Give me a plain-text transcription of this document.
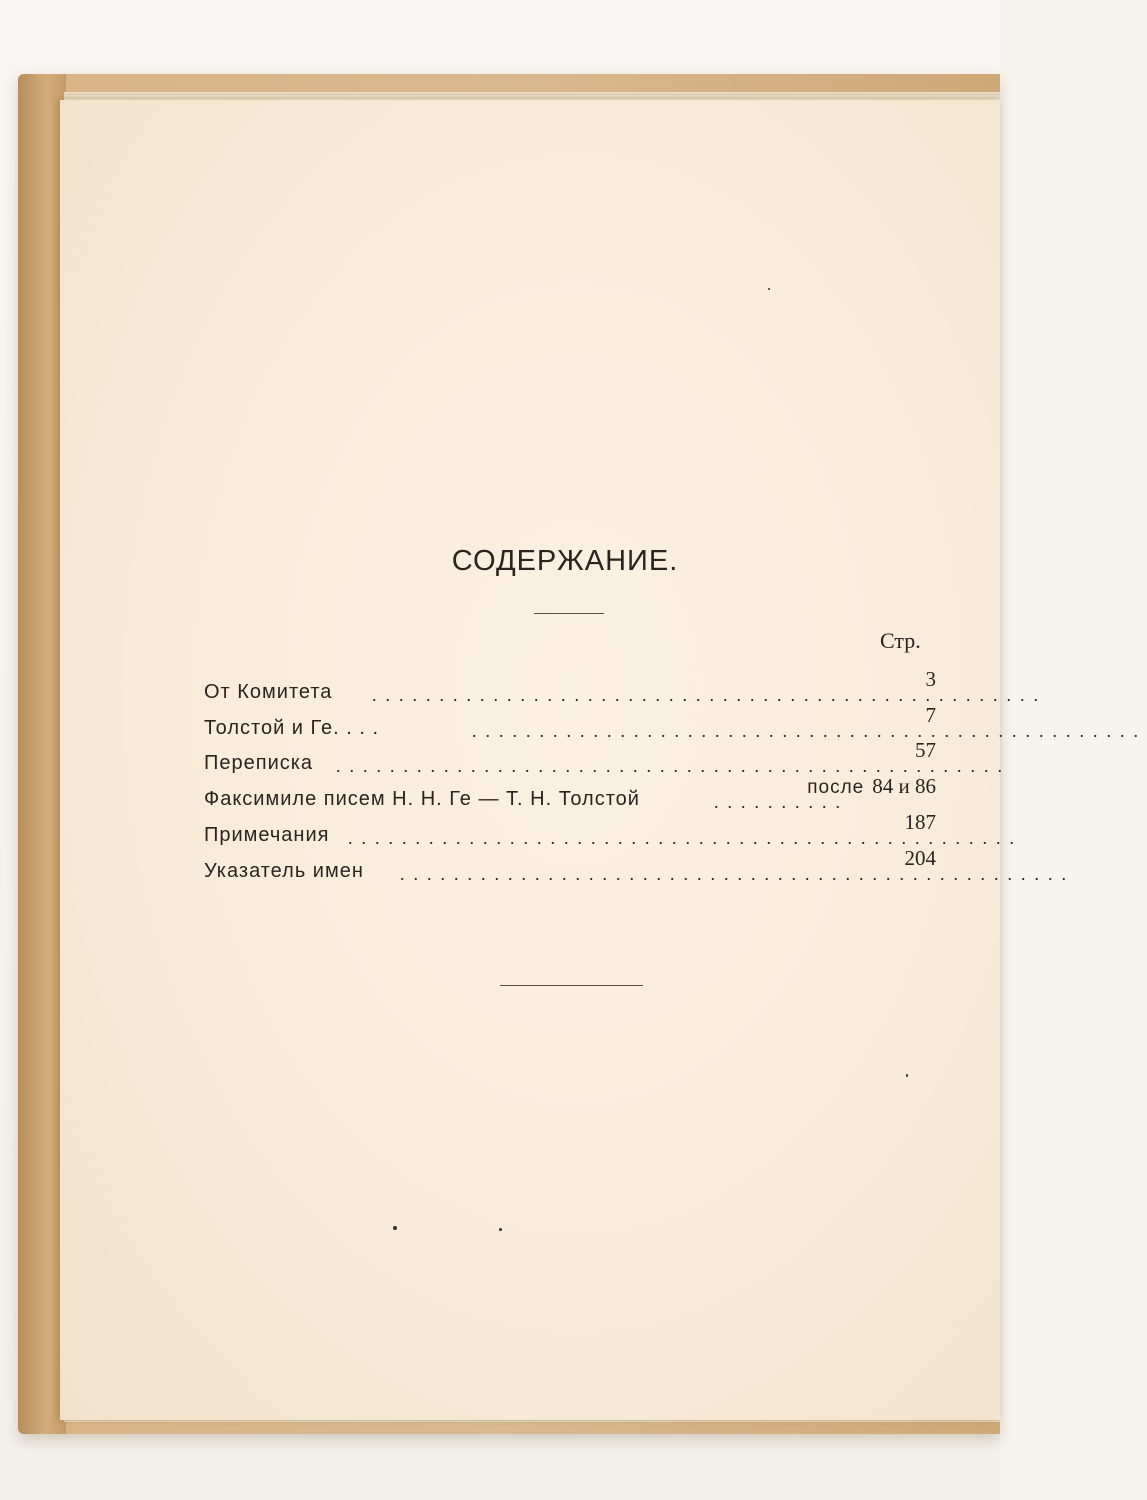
СОДЕРЖАНИЕ.
Стр.
От Комитета ..................................................
3
Толстой и Ге. . . .	..................................................
7
Переписка ..................................................
57
Факсимиле писем Н. Н. Ге — Т. Н. Толстой	..........
после 84 и 86
Примечания ..................................................
187
Указатель имен ..................................................
204
